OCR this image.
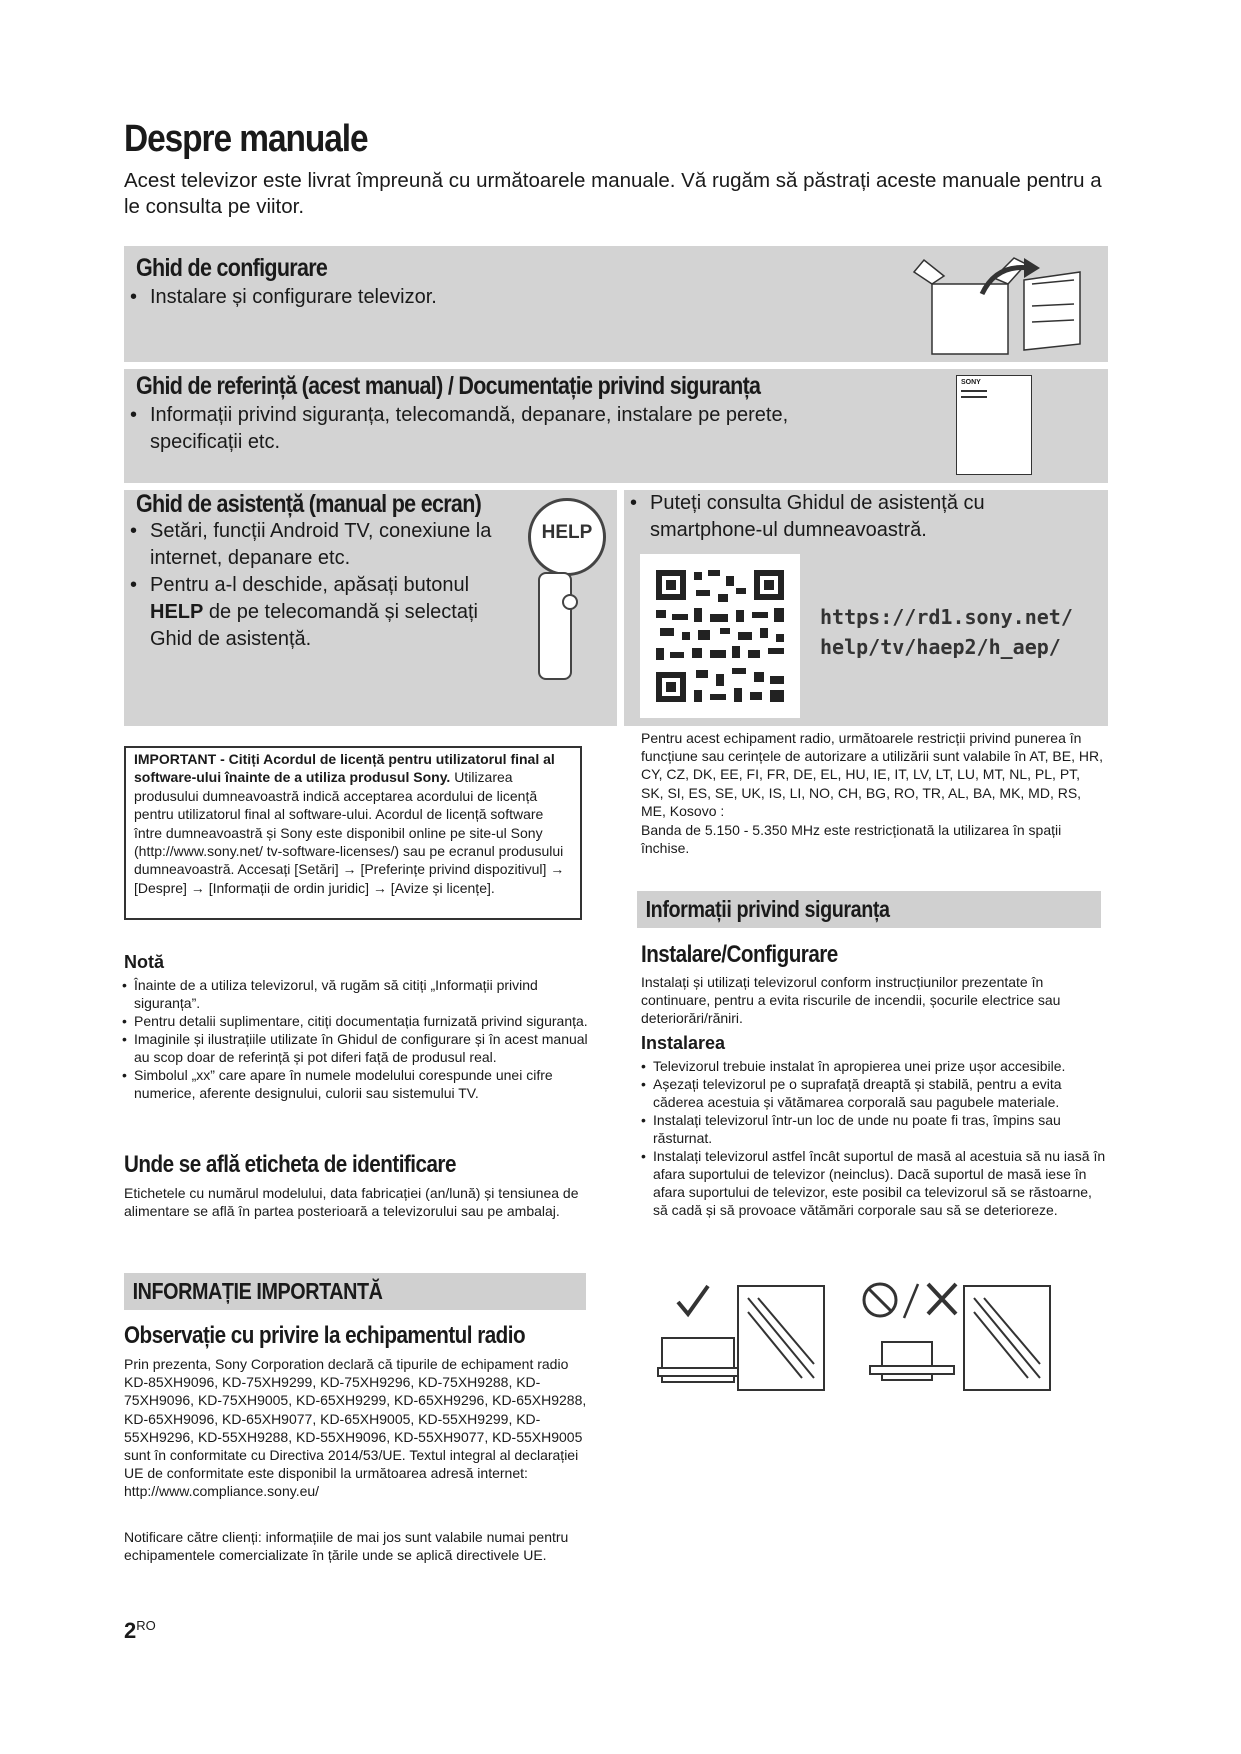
Despre manuale

Acest televizor este livrat împreună cu următoarele manuale. Vă rugăm să păstrați aceste manuale pentru a le consulta pe viitor.

Ghid de configurare
• Instalare și configurare televizor.
Ghid de referință (acest manual) / Documentație privind siguranța
• Informații privind siguranța, telecomandă, depanare, instalare pe perete, specificații etc.
SONY
Ghid de asistență (manual pe ecran)
• Setări, funcții Android TV, conexiune la internet, depanare etc.
• Pentru a-l deschide, apăsați butonul HELP de pe telecomandă și selectați Ghid de asistență.
HELP
• Puteți consulta Ghidul de asistență cu smartphone-ul dumneavoastră.
https://rd1.sony.net/
help/tv/haep2/h_aep/
IMPORTANT - Citiți Acordul de licență pentru utilizatorul final al software-ului înainte de a utiliza produsul Sony. Utilizarea produsului dumneavoastră indică acceptarea acordului de licență pentru utilizatorul final al software-ului. Acordul de licență software între dumneavoastră și Sony este disponibil online pe site-ul Sony (http://www.sony.net/ tv-software-licenses/) sau pe ecranul produsului dumneavoastră. Accesați [Setări] → [Preferințe privind dispozitivul] → [Despre] → [Informații de ordin juridic] → [Avize și licențe].
Notă
• Înainte de a utiliza televizorul, vă rugăm să citiți „Informații privind siguranța”.
• Pentru detalii suplimentare, citiți documentația furnizată privind siguranța.
• Imaginile și ilustrațiile utilizate în Ghidul de configurare și în acest manual au scop doar de referință și pot diferi față de produsul real.
• Simbolul „xx” care apare în numele modelului corespunde unei cifre numerice, aferente designului, culorii sau sistemului TV.
Unde se află eticheta de identificare

Etichetele cu numărul modelului, data fabricației (an/lună) și tensiunea de alimentare se află în partea posterioară a televizorului sau pe ambalaj.

INFORMAȚIE IMPORTANTĂ
Observație cu privire la echipamentul radio

Prin prezenta, Sony Corporation declară că tipurile de echipament radio KD-85XH9096, KD-75XH9299, KD-75XH9296, KD-75XH9288, KD-75XH9096, KD-75XH9005, KD-65XH9299, KD-65XH9296, KD-65XH9288, KD-65XH9096, KD-65XH9077, KD-65XH9005, KD-55XH9299, KD-55XH9296, KD-55XH9288, KD-55XH9096, KD-55XH9077, KD-55XH9005 sunt în conformitate cu Directiva 2014/53/UE. Textul integral al declarației UE de conformitate este disponibil la următoarea adresă internet: http://www.compliance.sony.eu/

Notificare către clienți: informațiile de mai jos sunt valabile numai pentru echipamentele comercializate în țările unde se aplică directivele UE.

$2^{RO}$

Pentru acest echipament radio, următoarele restricții privind punerea în funcțiune sau cerințele de autorizare a utilizării sunt valabile în AT, BE, HR, CY, CZ, DK, EE, FI, FR, DE, EL, HU, IE, IT, LV, LT, LU, MT, NL, PL, PT, SK, SI, ES, SE, UK, IS, LI, NO, CH, BG, RO, TR, AL, BA, MK, MD, RS, ME, Kosovo :

Banda de 5.150 - 5.350 MHz este restricționată la utilizarea în spații închise.

Informații privind siguranța
Instalare/Configurare

Instalați și utilizați televizorul conform instrucțiunilor prezentate în continuare, pentru a evita riscurile de incendii, șocurile electrice sau deteriorări/răniri.

Instalarea
• Televizorul trebuie instalat în apropierea unei prize ușor accesibile.
• Așezați televizorul pe o suprafață dreaptă și stabilă, pentru a evita căderea acestuia și vătămarea corporală sau pagubele materiale.
• Instalați televizorul într-un loc de unde nu poate fi tras, împins sau răsturnat.
• Instalați televizorul astfel încât suportul de masă al acestuia să nu iasă în afara suportului de televizor (neinclus). Dacă suportul de masă iese în afara suportului de televizor, este posibil ca televizorul să se răstoarne, să cadă și să provoace vătămări corporale sau să se deterioreze.
